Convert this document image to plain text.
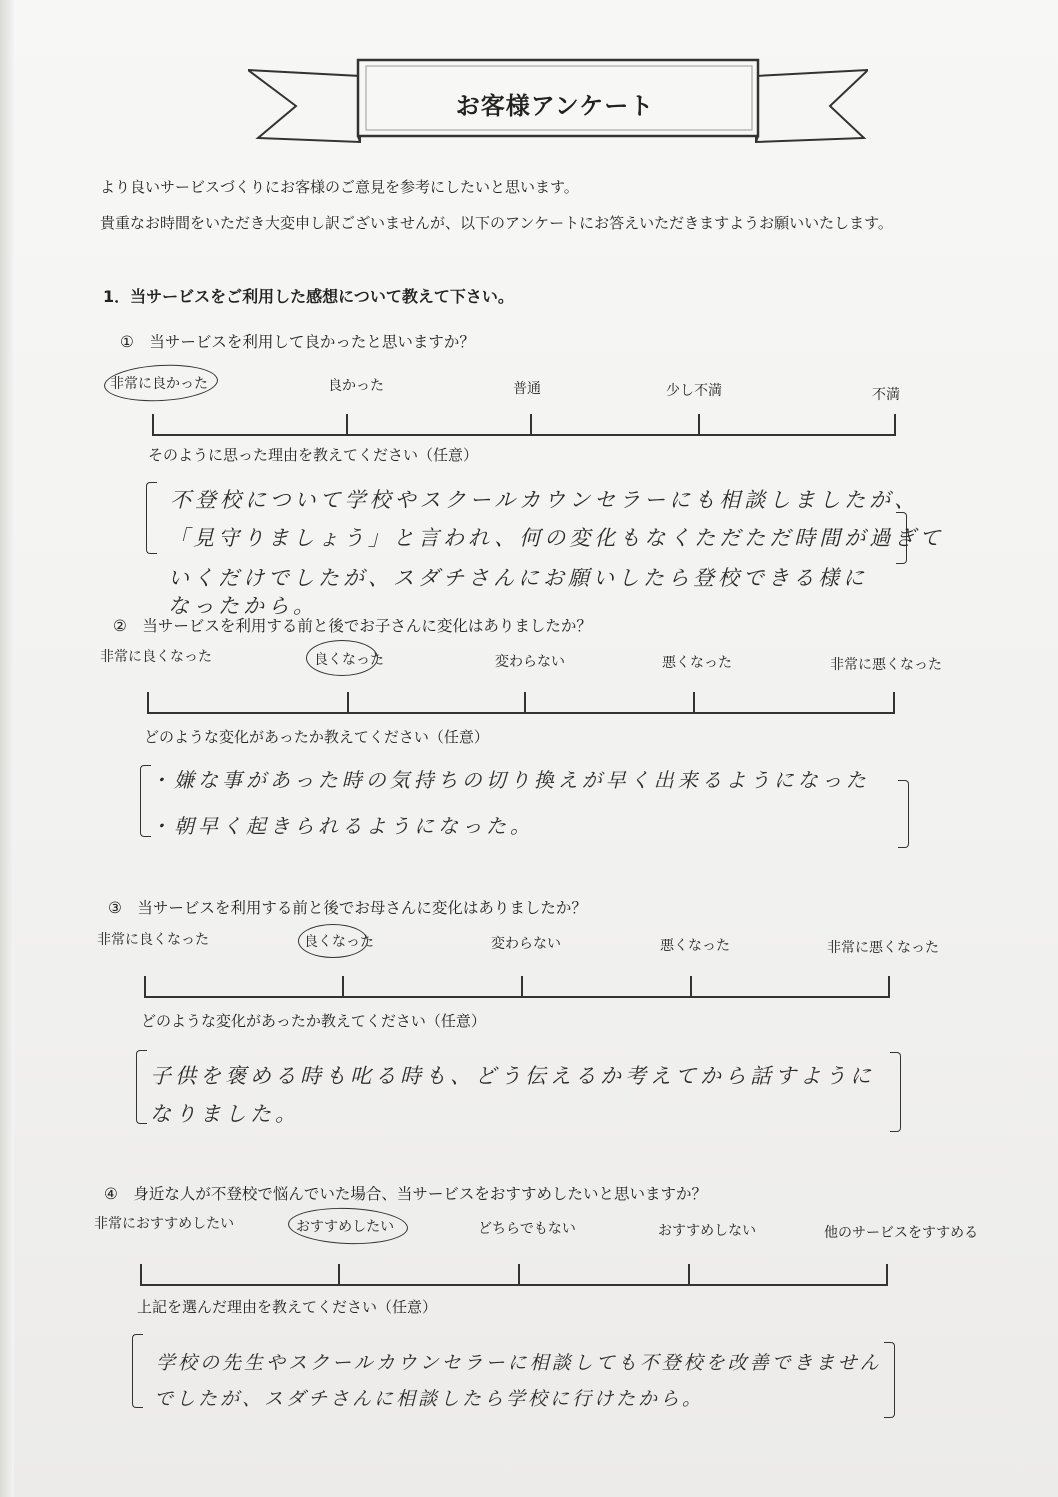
お客様アンケート
より良いサービスづくりにお客様のご意見を参考にしたいと思います。
貴重なお時間をいただき大変申し訳ございませんが、以下のアンケートにお答えいただきますようお願いいたします。
1．当サービスをご利用した感想について教えて下さい。
①　当サービスを利用して良かったと思いますか？
非常に良かった	良かった	普通	少し不満	不満
そのように思った理由を教えてください（任意）
不登校について学校やスクールカウンセラーにも相談しましたが、
「見守りましょう」と言われ、何の変化もなくただただ時間が過ぎて
いくだけでしたが、スダチさんにお願いしたら登校できる様に
なったから。
②　当サービスを利用する前と後でお子さんに変化はありましたか？
非常に良くなった	良くなった	変わらない	悪くなった	非常に悪くなった
どのような変化があったか教えてください（任意）
・嫌な事があった時の気持ちの切り換えが早く出来るようになった
・朝早く起きられるようになった。
③　当サービスを利用する前と後でお母さんに変化はありましたか？
非常に良くなった	良くなった	変わらない	悪くなった	非常に悪くなった
どのような変化があったか教えてください（任意）
子供を褒める時も叱る時も、どう伝えるか考えてから話すように
なりました。
④　身近な人が不登校で悩んでいた場合、当サービスをおすすめしたいと思いますか？
非常におすすめしたい	おすすめしたい	どちらでもない	おすすめしない	他のサービスをすすめる
上記を選んだ理由を教えてください（任意）
学校の先生やスクールカウンセラーに相談しても不登校を改善できません
でしたが、スダチさんに相談したら学校に行けたから。
